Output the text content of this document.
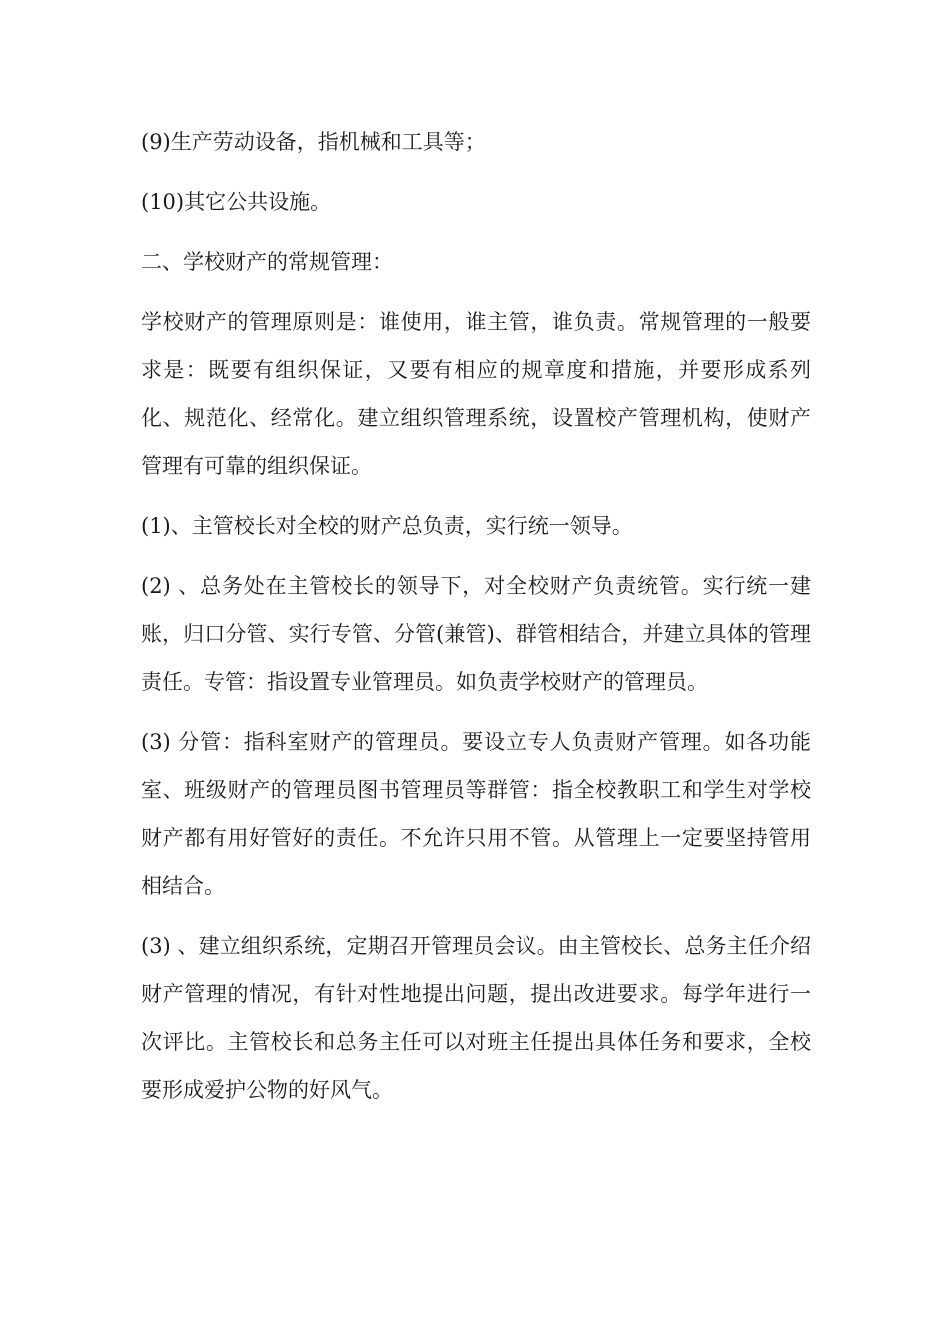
(9)生产劳动设备，指机械和工具等；

(10)其它公共设施。

二、学校财产的常规管理：

学校财产的管理原则是：谁使用，谁主管，谁负责。常规管理的一般要求是：既要有组织保证，又要有相应的规章度和措施，并要形成系列化、规范化、经常化。建立组织管理系统，设置校产管理机构，使财产管理有可靠的组织保证。

(1)、主管校长对全校的财产总负责，实行统一领导。

(2) 、总务处在主管校长的领导下，对全校财产负责统管。实行统一建账，归口分管、实行专管、分管(兼管)、群管相结合，并建立具体的管理责任。专管：指设置专业管理员。如负责学校财产的管理员。

(3) 分管：指科室财产的管理员。要设立专人负责财产管理。如各功能室、班级财产的管理员图书管理员等群管：指全校教职工和学生对学校财产都有用好管好的责任。不允许只用不管。从管理上一定要坚持管用相结合。

(3) 、建立组织系统，定期召开管理员会议。由主管校长、总务主任介绍财产管理的情况，有针对性地提出问题，提出改进要求。每学年进行一次评比。主管校长和总务主任可以对班主任提出具体任务和要求，全校要形成爱护公物的好风气。
